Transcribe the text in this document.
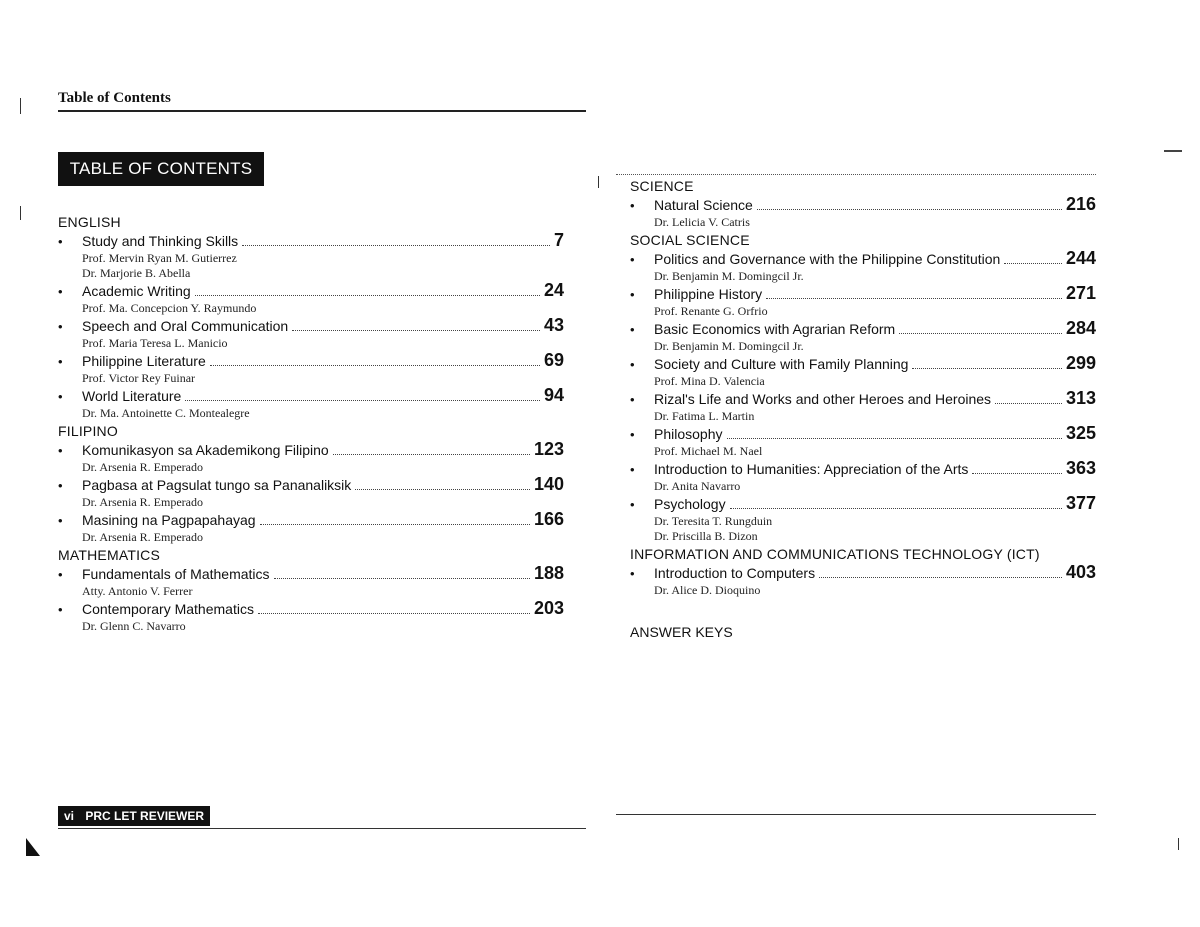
Table of Contents
TABLE OF CONTENTS
ENGLISH
•	Study and Thinking Skills	7
Prof. Mervin Ryan M. Gutierrez
Dr. Marjorie B. Abella
•	Academic Writing	24
Prof. Ma. Concepcion Y. Raymundo
•	Speech and Oral Communication	43
Prof. Maria Teresa L. Manicio
•	Philippine Literature	69
Prof. Victor Rey Fuinar
•	World Literature	94
Dr. Ma. Antoinette C. Montealegre
FILIPINO
•	Komunikasyon sa Akademikong Filipino	123
Dr. Arsenia R. Emperado
•	Pagbasa at Pagsulat tungo sa Pananaliksik	140
Dr. Arsenia R. Emperado
•	Masining na Pagpapahayag	166
Dr. Arsenia R. Emperado
MATHEMATICS
•	Fundamentals of Mathematics	188
Atty. Antonio V. Ferrer
•	Contemporary Mathematics	203
Dr. Glenn C. Navarro
SCIENCE
•	Natural Science	216
Dr. Lelicia V. Catris
SOCIAL SCIENCE
•	Politics and Governance with the Philippine Constitution	244
Dr. Benjamin M. Domingcil Jr.
•	Philippine History	271
Prof. Renante G. Orfrio
•	Basic Economics with Agrarian Reform	284
Dr. Benjamin M. Domingcil Jr.
•	Society and Culture with Family Planning	299
Prof. Mina D. Valencia
•	Rizal's Life and Works and other Heroes and Heroines	313
Dr. Fatima L. Martin
•	Philosophy	325
Prof. Michael M. Nael
•	Introduction to Humanities: Appreciation of the Arts	363
Dr. Anita Navarro
•	Psychology	377
Dr. Teresita T. Rungduin
Dr. Priscilla B. Dizon
INFORMATION AND COMMUNICATIONS TECHNOLOGY (ICT)
•	Introduction to Computers	403
Dr. Alice D. Dioquino
ANSWER KEYS
vi PRC LET REVIEWER
